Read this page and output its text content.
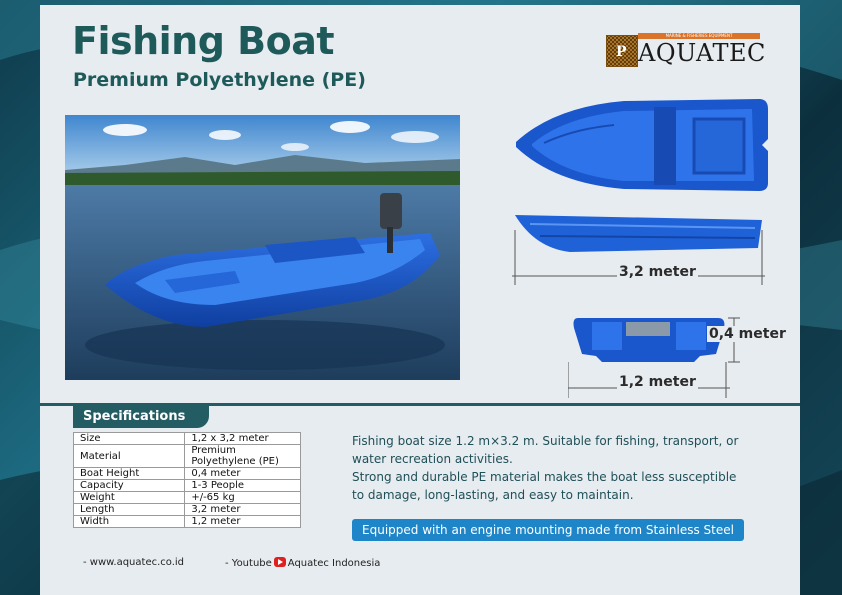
Fishing Boat
Premium Polyethylene (PE)
P
MARINE & FISHERIES EQUIPMENT
AQUATEC
3,2 meter
0,4 meter
1,2 meter
Specifications
Size	1,2 x 3,2 meter
Material	Premium Polyethylene (PE)
Boat Height	0,4 meter
Capacity	1-3 People
Weight	+/-65 kg
Length	3,2 meter
Width	1,2 meter

Fishing boat size 1.2 m×3.2 m. Suitable for fishing, transport, or water recreation activities.

Strong and durable PE material makes the boat less susceptible to damage, long-lasting, and easy to maintain.

Equipped with an engine mounting made from Stainless Steel
- www.aquatec.co.id	- Youtube Aquatec Indonesia
